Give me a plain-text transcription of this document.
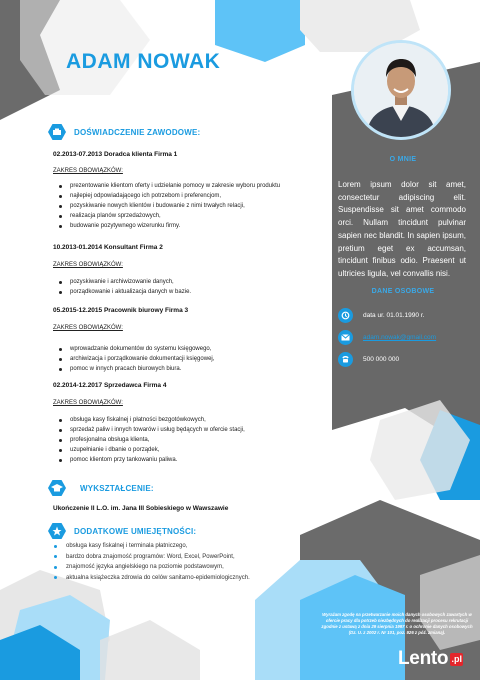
ADAM NOWAK
DOŚWIADCZENIE ZAWODOWE:
02.2013-07.2013 Doradca klienta Firma 1
ZAKRES OBOWIĄZKÓW:
prezentowanie klientom oferty i udzielanie pomocy w zakresie wyboru produktu
najlepiej odpowiadającego ich potrzebom i preferencjom,
pozyskiwanie nowych klientów i budowanie z nimi trwałych relacji,
realizacja planów sprzedażowych,
budowanie pozytywnego wizerunku firmy.
10.2013-01.2014 Konsultant Firma 2
ZAKRES OBOWIĄZKÓW:
pozyskiwanie i archiwizowanie danych,
porządkowanie i aktualizacja danych w bazie.
05.2015-12.2015 Pracownik biurowy Firma 3
ZAKRES OBOWIĄZKÓW:
wprowadzanie dokumentów do systemu księgowego,
archiwizacja i porządkowanie dokumentacji księgowej,
pomoc w innych pracach biurowych biura.
02.2014-12.2017 Sprzedawca Firma 4
ZAKRES OBOWIĄZKÓW:
obsługa kasy fiskalnej i płatności bezgotówkowych,
sprzedaż paliw i innych towarów i usług będących w ofercie stacji,
profesjonalna obsługa klienta,
uzupełnianie i dbanie o porządek,
pomoc klientom przy tankowaniu paliwa.
WYKSZTAŁCENIE:
Ukończenie II L.O. im. Jana III Sobieskiego w Wawszawie
DODATKOWE UMIEJĘTNOŚCI:
obsługa kasy fiskalnej i terminala płatniczego,
bardzo dobra znajomość programów: Word, Excel, PowerPoint,
znajomość języka angielskiego na poziomie podstawowym,
aktualna książeczka zdrowia do celów sanitarno-epidemiologicznych.
O MNIE
Lorem ipsum dolor sit amet, consectetur adipiscing elit. Suspendisse sit amet commodo orci. Nullam tincidunt pulvinar sapien nec blandit. In sapien ipsum, pretium eget ex accumsan, tincidunt finibus odio. Praesent ut ultricies ligula, vel convallis nisi.
DANE OSOBOWE
data ur. 01.01.1990 r.
adam.nowak@gmail.com
500 000 000
Wyrażam zgodę na przetwarzanie moich danych osobowych zawartych w ofercie pracy dla potrzeb niezbędnych do realizacji procesu rekrutacji zgodnie z ustawą z dnia 29 sierpnia 1997 r. o ochronie danych osobowych (Dz. U. z 2002 r. Nr 101, poz. 926 z póź. zmianą).
Lento .pl
